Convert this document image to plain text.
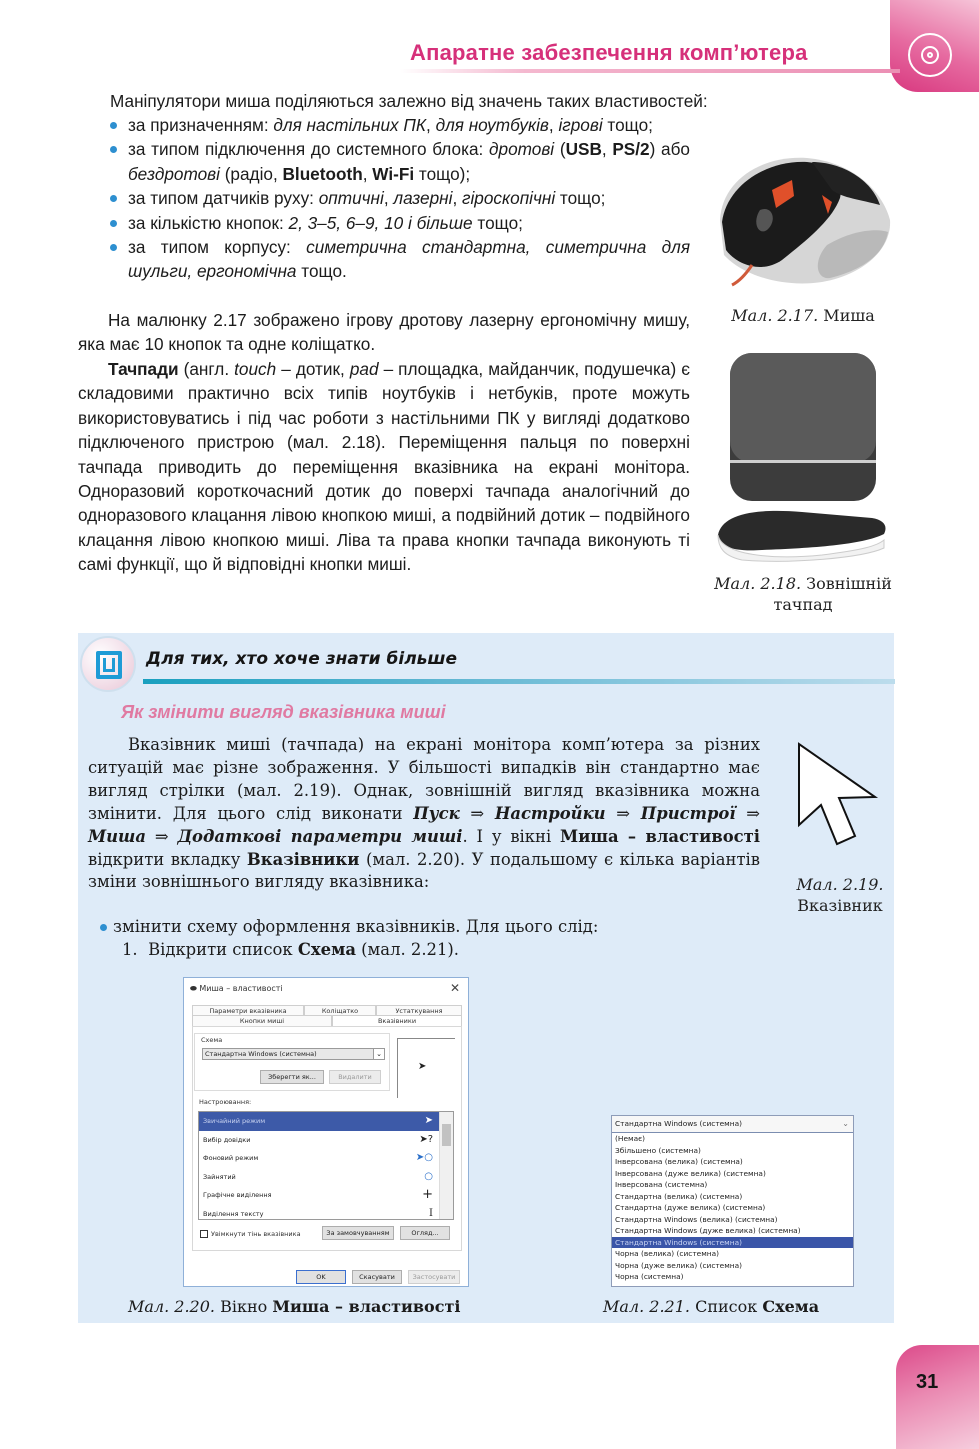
Апаратне забезпечення комп’ютера
Маніпулятори миша поділяються залежно від значень таких властивостей:
за призначенням: для настільних ПК, для ноутбуків, ігрові тощо;
за типом підключення до системного блока: дротові (USB, PS/2) або бездротові (радіо, Bluetooth, Wi-Fi тощо);
за типом датчиків руху: оптичні, лазерні, гіроскопічні тощо;
за кількістю кнопок: 2, 3–5, 6–9, 10 і більше тощо;
за типом корпусу: симетрична стандартна, симетрична для шульги, ергономічна тощо.
На малюнку 2.17 зображено ігрову дротову лазерну ергономічну мишу, яка має 10 кнопок та одне коліщатко.
Тачпади (англ. touch – дотик, pad – площадка, майданчик, подушечка) є складовими практично всіх типів ноутбуків і нетбуків, проте можуть використовуватись і під час роботи з настільними ПК у вигляді додатково підключеного пристрою (мал. 2.18). Переміщення пальця по поверхні тачпада приводить до переміщення вказівника на екрані монітора. Одноразовий короткочасний дотик до поверхі тачпада аналогічний до одноразового клацання лівою кнопкою миші, а подвійний дотик – подвійного клацання лівою кнопкою миші. Ліва та права кнопки тачпада виконують ті самі функції, що й відповідні кнопки миші.
Мал. 2.17. Миша
Мал. 2.18. Зовнішній тачпад
Для тих, хто хоче знати більше
Як змінити вигляд вказівника миші
Вказівник миші (тачпада) на екрані монітора комп’ютера за різних ситуацій має різне зображення. У більшості випадків він стандартно має вигляд стрілки (мал. 2.19). Однак, зовнішній вигляд вказівника можна змінити. Для цього слід виконати Пуск ⇒ Настройки ⇒ Пристрої ⇒ Миша ⇒ Додаткові параметри миші. І у вікні Миша – властивості відкрити вкладку Вказівники (мал. 2.20). У подальшому є кілька варіантів зміни зовнішнього вигляду вказівника:
змінити схему оформлення вказівників. Для цього слід:
1. Відкрити список Схема (мал. 2.21).
Мал. 2.19.
Вказівник
⬬ Миша – властивості	✕
Параметри вказівника	Коліщатко	Устаткування
Кнопки миші	Вказівники
Схема
Стандартна Windows (системна)	⌄
Зберегти як...	Видалити
➤
Настроювання:
Звичайний режим	➤
Вибір довідки	➤?
Фоновий режим	➤○
Зайнятий	○
Графічне виділення	+
Виділення тексту	I
Увімкнути тінь вказівника	За замовчуванням	Огляд...
OK	Скасувати	Застосувати
Стандартна Windows (системна)	⌄
(Немає)
Збільшено (системна)
Інверсована (велика) (системна)
Інверсована (дуже велика) (системна)
Інверсована (системна)
Стандартна (велика) (системна)
Стандартна (дуже велика) (системна)
Стандартна Windows (велика) (системна)
Стандартна Windows (дуже велика) (системна)
Стандартна Windows (системна)
Чорна (велика) (системна)
Чорна (дуже велика) (системна)
Чорна (системна)
Мал. 2.20. Вікно Миша – властивості	Мал. 2.21. Список Схема
31
